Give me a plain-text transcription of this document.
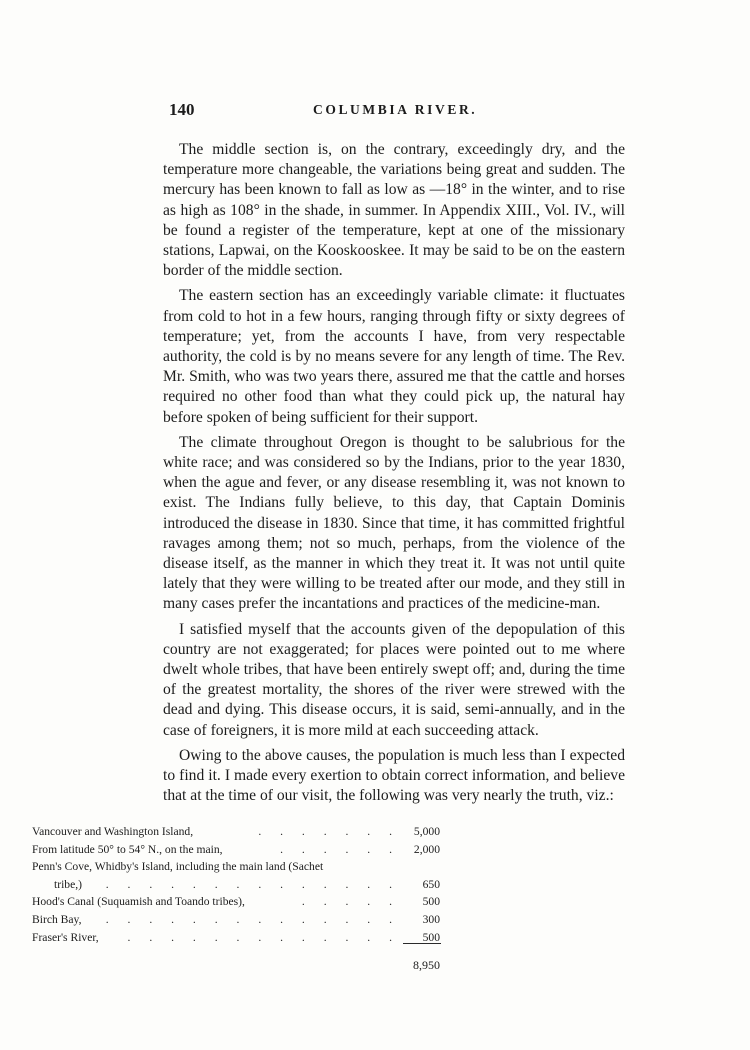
140	COLUMBIA RIVER.

The middle section is, on the contrary, exceedingly dry, and the temperature more changeable, the variations being great and sudden. The mercury has been known to fall as low as —18° in the winter, and to rise as high as 108° in the shade, in summer. In Appendix XIII., Vol. IV., will be found a register of the temperature, kept at one of the missionary stations, Lapwai, on the Kooskooskee. It may be said to be on the eastern border of the middle section.

The eastern section has an exceedingly variable climate: it fluctuates from cold to hot in a few hours, ranging through fifty or sixty degrees of temperature; yet, from the accounts I have, from very respectable authority, the cold is by no means severe for any length of time. The Rev. Mr. Smith, who was two years there, assured me that the cattle and horses required no other food than what they could pick up, the natural hay before spoken of being sufficient for their support.

The climate throughout Oregon is thought to be salubrious for the white race; and was considered so by the Indians, prior to the year 1830, when the ague and fever, or any disease resembling it, was not known to exist. The Indians fully believe, to this day, that Captain Dominis introduced the disease in 1830. Since that time, it has committed frightful ravages among them; not so much, perhaps, from the violence of the disease itself, as the manner in which they treat it. It was not until quite lately that they were willing to be treated after our mode, and they still in many cases prefer the incantations and practices of the medicine-man.

I satisfied myself that the accounts given of the depopulation of this country are not exaggerated; for places were pointed out to me where dwelt whole tribes, that have been entirely swept off; and, during the time of the greatest mortality, the shores of the river were strewed with the dead and dying. This disease occurs, it is said, semi-annually, and in the case of foreigners, it is more mild at each succeeding attack.

Owing to the above causes, the population is much less than I expected to find it. I made every exertion to obtain correct information, and believe that at the time of our visit, the following was very nearly the truth, viz.:

Vancouver and Washington Island,	. . . . . . .	5,000
From latitude 50° to 54° N., on the main,	. . . . . .	2,000
Penn's Cove, Whidby's Island, including the main land (Sachet
tribe,)	. . . . . . . . . . . . . .	650
Hood's Canal (Suquamish and Toando tribes),	. . . . .	500
Birch Bay,	. . . . . . . . . . . . . .	300
Fraser's River,	. . . . . . . . . . . . .	500
8,950
